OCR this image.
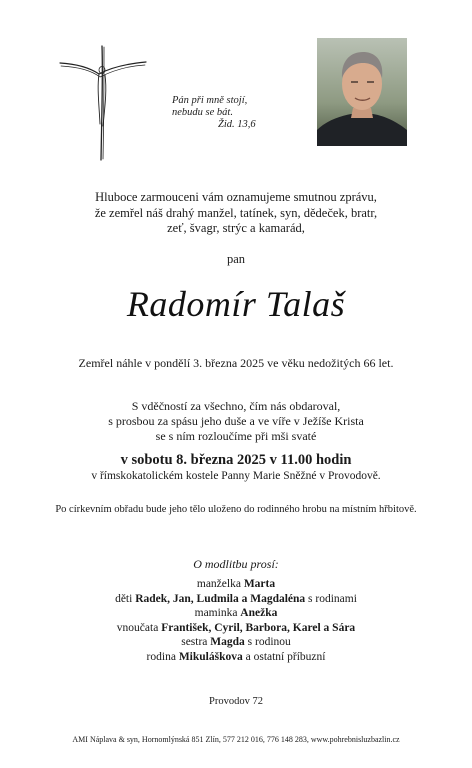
Pán při mně stojí,
nebudu se bát.
Žid. 13,6
Hluboce zarmouceni vám oznamujeme smutnou zprávu,
že zemřel náš drahý manžel, tatínek, syn, dědeček, bratr,
zeť, švagr, strýc a kamarád,
pan
Radomír Talaš
Zemřel náhle v pondělí 3. března 2025 ve věku nedožitých 66 let.
S vděčností za všechno, čím nás obdaroval,
s prosbou za spásu jeho duše a ve víře v Ježíše Krista
se s ním rozloučíme při mši svaté
v sobotu 8. března 2025 v 11.00 hodin
v římskokatolickém kostele Panny Marie Sněžné v Provodově.
Po církevním obřadu bude jeho tělo uloženo do rodinného hrobu na místním hřbitově.
O modlitbu prosí:
manželka Marta
děti Radek, Jan, Ludmila a Magdaléna s rodinami
maminka Anežka
vnoučata František, Cyril, Barbora, Karel a Sára
sestra Magda s rodinou
rodina Mikuláškova a ostatní příbuzní
Provodov 72
AMI Náplava & syn, Hornomlýnská 851 Zlín, 577 212 016, 776 148 283, www.pohrebnisluzbazlin.cz
